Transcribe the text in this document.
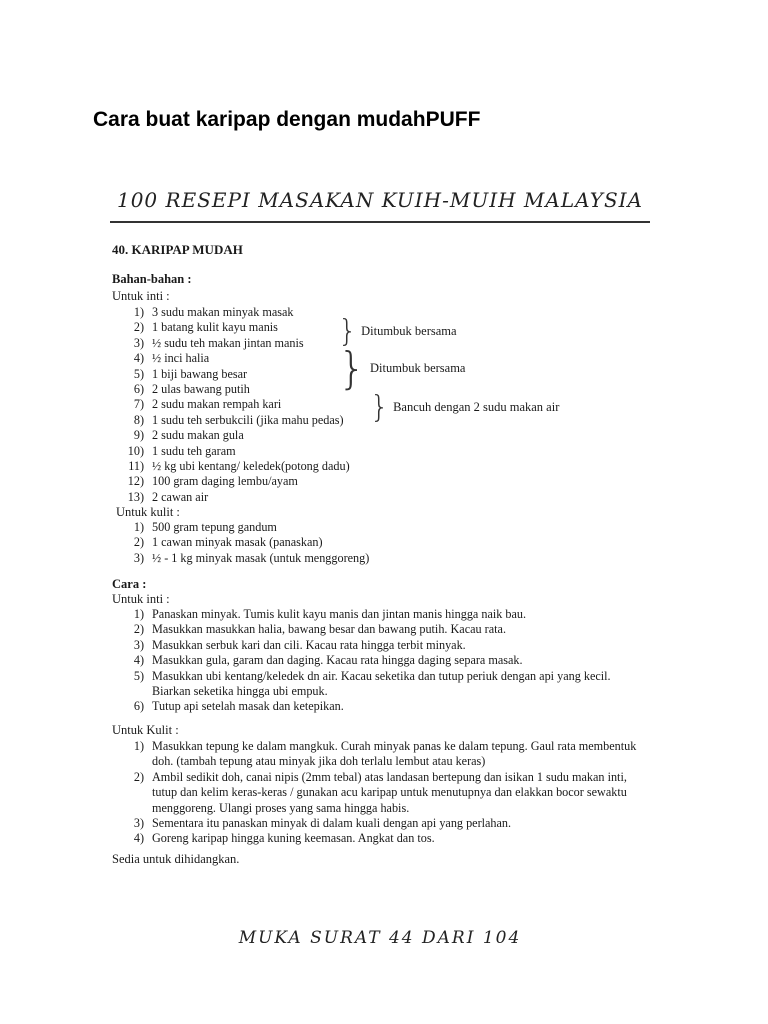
Cara buat karipap dengan mudahPUFF
100 RESEPI MASAKAN KUIH-MUIH MALAYSIA
40. KARIPAP MUDAH
Bahan-bahan :
Untuk inti :
1) 3 sudu makan minyak masak
2) 1 batang kulit kayu manis
3) ½ sudu teh makan jintan manis
4) ½ inci halia
5) 1 biji bawang besar
6) 2 ulas bawang putih
7) 2 sudu makan rempah kari
8) 1 sudu teh serbukcili (jika mahu pedas)
9) 2 sudu makan gula
10) 1 sudu teh garam
11) ½ kg ubi kentang/ keledek(potong dadu)
12) 100 gram daging lembu/ayam
13) 2 cawan air
} Ditumbuk bersama
} Ditumbuk bersama
} Bancuh dengan 2 sudu makan air
Untuk kulit :
1) 500 gram tepung gandum
2) 1 cawan minyak masak (panaskan)
3) ½ - 1 kg minyak masak (untuk menggoreng)
Cara :
Untuk inti :
1) Panaskan minyak. Tumis kulit kayu manis dan jintan manis hingga naik bau.
2) Masukkan masukkan halia, bawang besar dan bawang putih. Kacau rata.
3) Masukkan serbuk kari dan cili. Kacau rata hingga terbit minyak.
4) Masukkan gula, garam dan daging. Kacau rata hingga daging separa masak.
5) Masukkan ubi kentang/keledek dn air. Kacau seketika dan tutup periuk dengan api yang kecil. Biarkan seketika hingga ubi empuk.
6) Tutup api setelah masak dan ketepikan.
Untuk Kulit :
1) Masukkan tepung ke dalam mangkuk. Curah minyak panas ke dalam tepung. Gaul rata membentuk doh. (tambah tepung atau minyak jika doh terlalu lembut atau keras)
2) Ambil sedikit doh, canai nipis (2mm tebal) atas landasan bertepung dan isikan 1 sudu makan inti, tutup dan kelim keras-keras / gunakan acu karipap untuk menutupnya dan elakkan bocor sewaktu menggoreng. Ulangi proses yang sama hingga habis.
3) Sementara itu panaskan minyak di dalam kuali dengan api yang perlahan.
4) Goreng karipap hingga kuning keemasan. Angkat dan tos.
Sedia untuk dihidangkan.
MUKA SURAT 44 DARI 104
